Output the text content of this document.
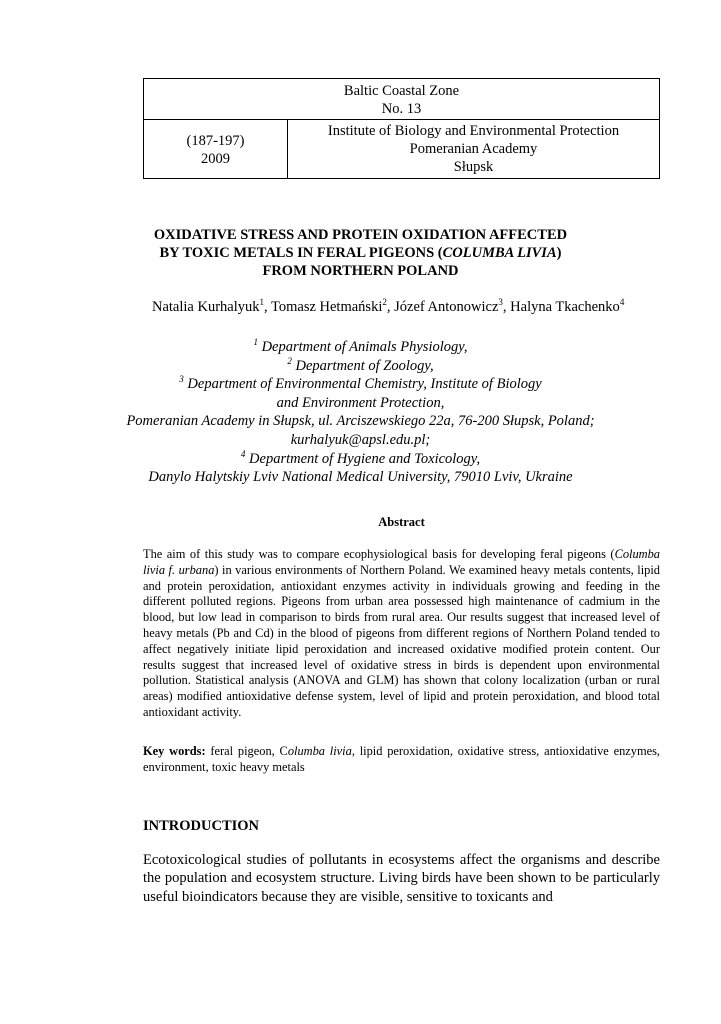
Baltic Coastal Zone
No. 13
(187-197)
2009
Institute of Biology and Environmental Protection
Pomeranian Academy
Słupsk
OXIDATIVE STRESS AND PROTEIN OXIDATION AFFECTED
BY TOXIC METALS IN FERAL PIGEONS (COLUMBA LIVIA)
FROM NORTHERN POLAND
Natalia Kurhalyuk$^1$, Tomasz Hetmański$^2$, Józef Antonowicz$^3$, Halyna Tkachenko$^4$
$^1$ Department of Animals Physiology,
$^2$ Department of Zoology,
$^3$ Department of Environmental Chemistry, Institute of Biology
and Environment Protection,
Pomeranian Academy in Słupsk, ul. Arciszewskiego 22a, 76-200 Słupsk, Poland;
kurhalyuk@apsl.edu.pl;
$^4$ Department of Hygiene and Toxicology,
Danylo Halytskiy Lviv National Medical University, 79010 Lviv, Ukraine
Abstract
The aim of this study was to compare ecophysiological basis for developing feral pigeons (Columba livia f. urbana) in various environments of Northern Poland. We examined heavy metals contents, lipid and protein peroxidation, antioxidant enzymes activity in individuals growing and feeding in the different polluted regions. Pigeons from urban area possessed high maintenance of cadmium in the blood, but low lead in comparison to birds from rural area. Our results suggest that increased level of heavy metals (Pb and Cd) in the blood of pigeons from different regions of Northern Poland tended to affect negatively initiate lipid peroxidation and increased oxidative modified protein content. Our results suggest that increased level of oxidative stress in birds is dependent upon environmental pollution. Statistical analysis (ANOVA and GLM) has shown that colony localization (urban or rural areas) modified antioxidative defense system, level of lipid and protein peroxidation, and blood total antioxidant activity.
Key words: feral pigeon, Columba livia, lipid peroxidation, oxidative stress, antioxidative enzymes, environment, toxic heavy metals
INTRODUCTION
Ecotoxicological studies of pollutants in ecosystems affect the organisms and describe the population and ecosystem structure. Living birds have been shown to be particularly useful bioindicators because they are visible, sensitive to toxicants and
